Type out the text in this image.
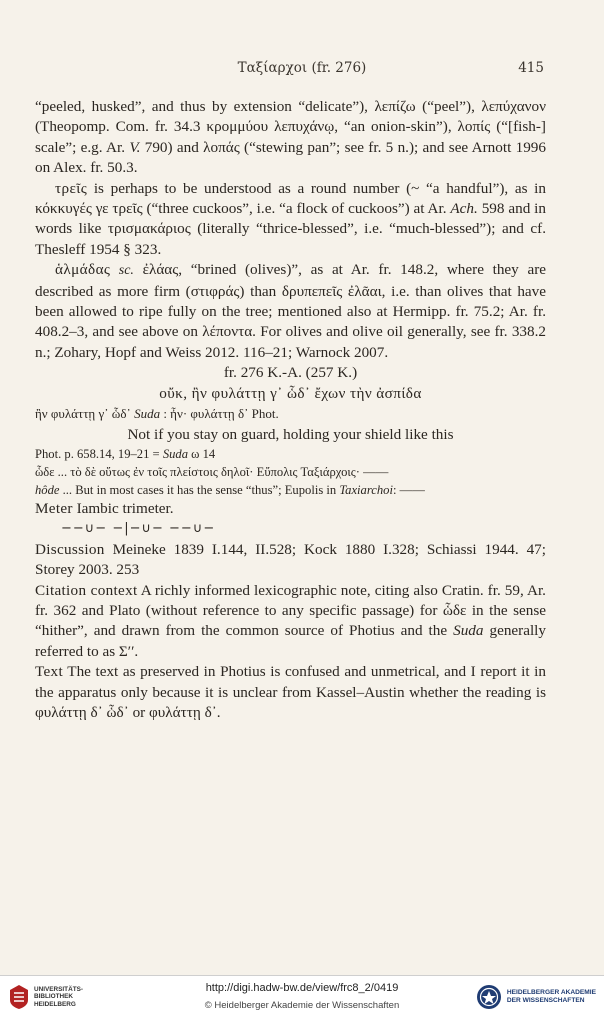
Ταξίαρχοι (fr. 276)	415

“peeled, husked”, and thus by extension “delicate”), λεπίζω (“peel”), λεπύχανον (Theopomp. Com. fr. 34.3 κρομμύου λεπυχάνῳ, “an onion-skin”), λοπίς (“[fish-] scale”; e.g. Ar. V. 790) and λοπάς (“stewing pan”; see fr. 5 n.); and see Arnott 1996 on Alex. fr. 50.3.

τρεῖς is perhaps to be understood as a round number (~ “a handful”), as in κόκκυγές γε τρεῖς (“three cuckoos”, i.e. “a flock of cuckoos”) at Ar. Ach. 598 and in words like τρισμακάριος (literally “thrice-blessed”, i.e. “much-blessed”); and cf. Thesleff 1954 § 323.

ἁλμάδας sc. ἐλάας, “brined (olives)”, as at Ar. fr. 148.2, where they are described as more firm (στιφράς) than δρυπεπεῖς ἐλᾶαι, i.e. than olives that have been allowed to ripe fully on the tree; mentioned also at Hermipp. fr. 75.2; Ar. fr. 408.2–3, and see above on λέποντα. For olives and olive oil generally, see fr. 338.2 n.; Zohary, Hopf and Weiss 2012. 116–21; Warnock 2007.

fr. 276 K.-A. (257 K.)

οὔκ, ἢν φυλάττῃ γ᾽ ὧδ᾽ ἔχων τὴν ἀσπίδα

ἢν φυλάττῃ γ᾽ ὧδ᾽ Suda : ἦν· φυλάττῃ δ᾽ Phot.

Not if you stay on guard, holding your shield like this

Phot. p. 658.14, 19–21 = Suda ω 14

ὧδε ... τὸ δὲ οὕτως ἐν τοῖς πλείστοις δηλοῖ· Εὔπολις Ταξιάρχοις· ——

hôde ... But in most cases it has the sense “thus”; Eupolis in Taxiarchoi: ——

Meter Iambic trimeter.

−−∪− −|−∪− −−∪−

Discussion Meineke 1839 I.144, II.528; Kock 1880 I.328; Schiassi 1944. 47; Storey 2003. 253

Citation context A richly informed lexicographic note, citing also Cratin. fr. 59, Ar. fr. 362 and Plato (without reference to any specific passage) for ὧδε in the sense “hither”, and drawn from the common source of Photius and the Suda generally referred to as Σʹʹ.

Text The text as preserved in Photius is confused and unmetrical, and I report it in the apparatus only because it is unclear from Kassel–Austin whether the reading is φυλάττῃ δ᾽ ὧδ᾽ or φυλάττῃ δ᾽.

UNIVERSITÄTS-
BIBLIOTHEK
HEIDELBERG
http://digi.hadw-bw.de/view/frc8_2/0419
© Heidelberger Akademie der Wissenschaften
HEIDELBERGER AKADEMIE
DER WISSENSCHAFTEN
